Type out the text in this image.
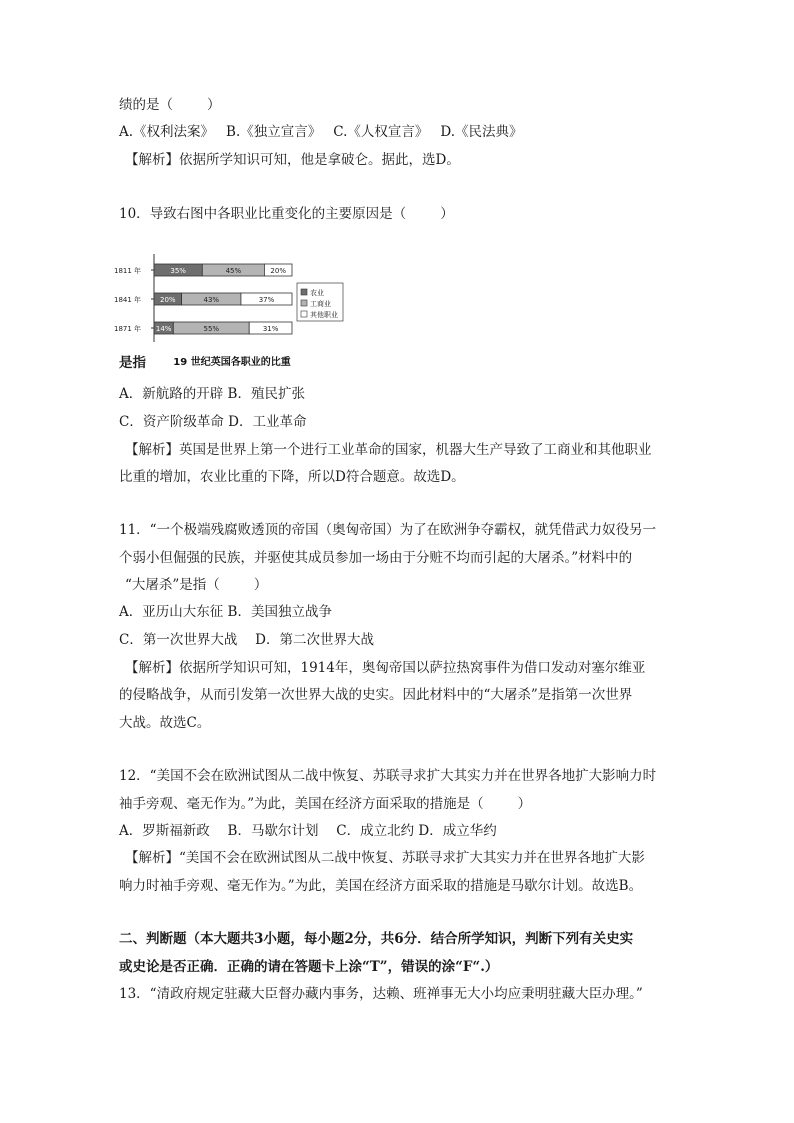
绩的是（	）
A.《权利法案》 B.《独立宣言》 C.《人权宣言》 D.《民法典》
【解析】依据所学知识可知，他是拿破仑。据此，选D。
10．导致右图中各职业比重变化的主要原因是（	）
1811 年	35%	45%	20%
1841 年	20%	43%	37%
1871 年 14%	55%	31%
农业
工商业
其他职业
19 世纪英国各职业的比重
是指
A．新航路的开辟 B．殖民扩张
C．资产阶级革命 D．工业革命
【解析】英国是世界上第一个进行工业革命的国家，机器大生产导致了工商业和其他职业
比重的增加，农业比重的下降，所以D符合题意。故选D。
11．“一个极端残腐败透顶的帝国（奥匈帝国）为了在欧洲争夺霸权，就凭借武力奴役另一
个弱小但倔强的民族，并驱使其成员参加一场由于分赃不均而引起的大屠杀。”材料中的
“大屠杀”是指（	）
A．亚历山大东征 B．美国独立战争
C．第一次世界大战　 D．第二次世界大战
【解析】依据所学知识可知，1914年，奥匈帝国以萨拉热窝事件为借口发动对塞尔维亚
的侵略战争，从而引发第一次世界大战的史实。因此材料中的“大屠杀”是指第一次世界
大战。故选C。
12．“美国不会在欧洲试图从二战中恢复、苏联寻求扩大其实力并在世界各地扩大影响力时
袖手旁观、毫无作为。”为此，美国在经济方面采取的措施是（	）
A．罗斯福新政　 B．马歇尔计划　 C．成立北约 D．成立华约
【解析】“美国不会在欧洲试图从二战中恢复、苏联寻求扩大其实力并在世界各地扩大影
响力时袖手旁观、毫无作为。”为此，美国在经济方面采取的措施是马歇尔计划。故选B。
二、判断题（本大题共3小题，每小题2分，共6分．结合所学知识，判断下列有关史实
或史论是否正确．正确的请在答题卡上涂“T”，错误的涂“F“.）
13．“清政府规定驻藏大臣督办藏内事务，达赖、班禅事无大小均应秉明驻藏大臣办理。”
